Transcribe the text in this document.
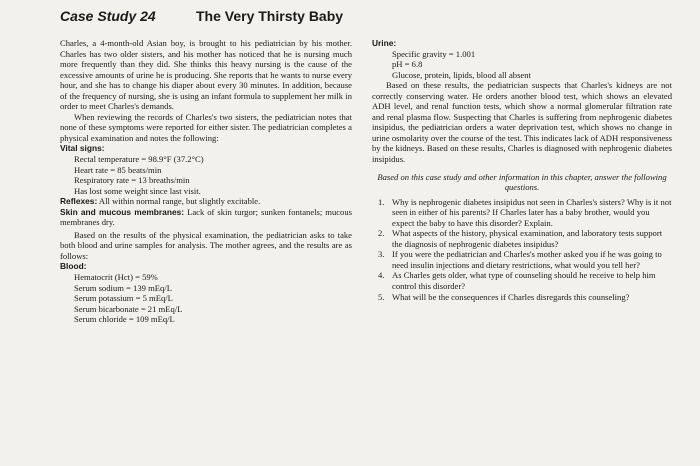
Case Study 24	The Very Thirsty Baby

Charles, a 4-month-old Asian boy, is brought to his pediatrician by his mother. Charles has two older sisters, and his mother has noticed that he is nursing much more frequently than they did. She thinks this heavy nursing is the cause of the excessive amounts of urine he is producing. She reports that he wants to nurse every hour, and she has to change his diaper about every 30 minutes. In addition, because of the frequency of nursing, she is using an infant formula to supplement her milk in order to meet Charles's demands.

When reviewing the records of Charles's two sisters, the pediatrician notes that none of these symptoms were reported for either sister. The pediatrician completes a physical examination and notes the following:

Vital signs:
Rectal temperature = 98.9°F (37.2°C)
Heart rate = 85 beats/min
Respiratory rate = 13 breaths/min
Has lost some weight since last visit.

Reflexes: All within normal range, but slightly excitable.

Skin and mucous membranes: Lack of skin turgor; sunken fontanels; mucous membranes dry.

Based on the results of the physical examination, the pediatrician asks to take both blood and urine samples for analysis. The mother agrees, and the results are as follows:

Blood:
Hematocrit (Hct) = 59%
Serum sodium = 139 mEq/L
Serum potassium = 5 mEq/L
Serum bicarbonate = 21 mEq/L
Serum chloride = 109 mEq/L
Urine:
Specific gravity = 1.001
pH = 6.8
Glucose, protein, lipids, blood all absent

Based on these results, the pediatrician suspects that Charles's kidneys are not correctly conserving water. He orders another blood test, which shows an elevated ADH level, and renal function tests, which show a normal glomerular filtration rate and renal plasma flow. Suspecting that Charles is suffering from nephrogenic diabetes insipidus, the pediatrician orders a water deprivation test, which shows no change in urine osmolarity over the course of the test. This indicates lack of ADH responsiveness by the kidneys. Based on these results, Charles is diagnosed with nephrogenic diabetes insipidus.

Based on this case study and other information in this chapter, answer the following questions.

1. Why is nephrogenic diabetes insipidus not seen in Charles's sisters? Why is it not seen in either of his parents? If Charles later has a baby brother, would you expect the baby to have this disorder? Explain.
2. What aspects of the history, physical examination, and laboratory tests support the diagnosis of nephrogenic diabetes insipidus?
3. If you were the pediatrician and Charles's mother asked you if he was going to need insulin injections and dietary restrictions, what would you tell her?
4. As Charles gets older, what type of counseling should he receive to help him control this disorder?
5. What will be the consequences if Charles disregards this counseling?
